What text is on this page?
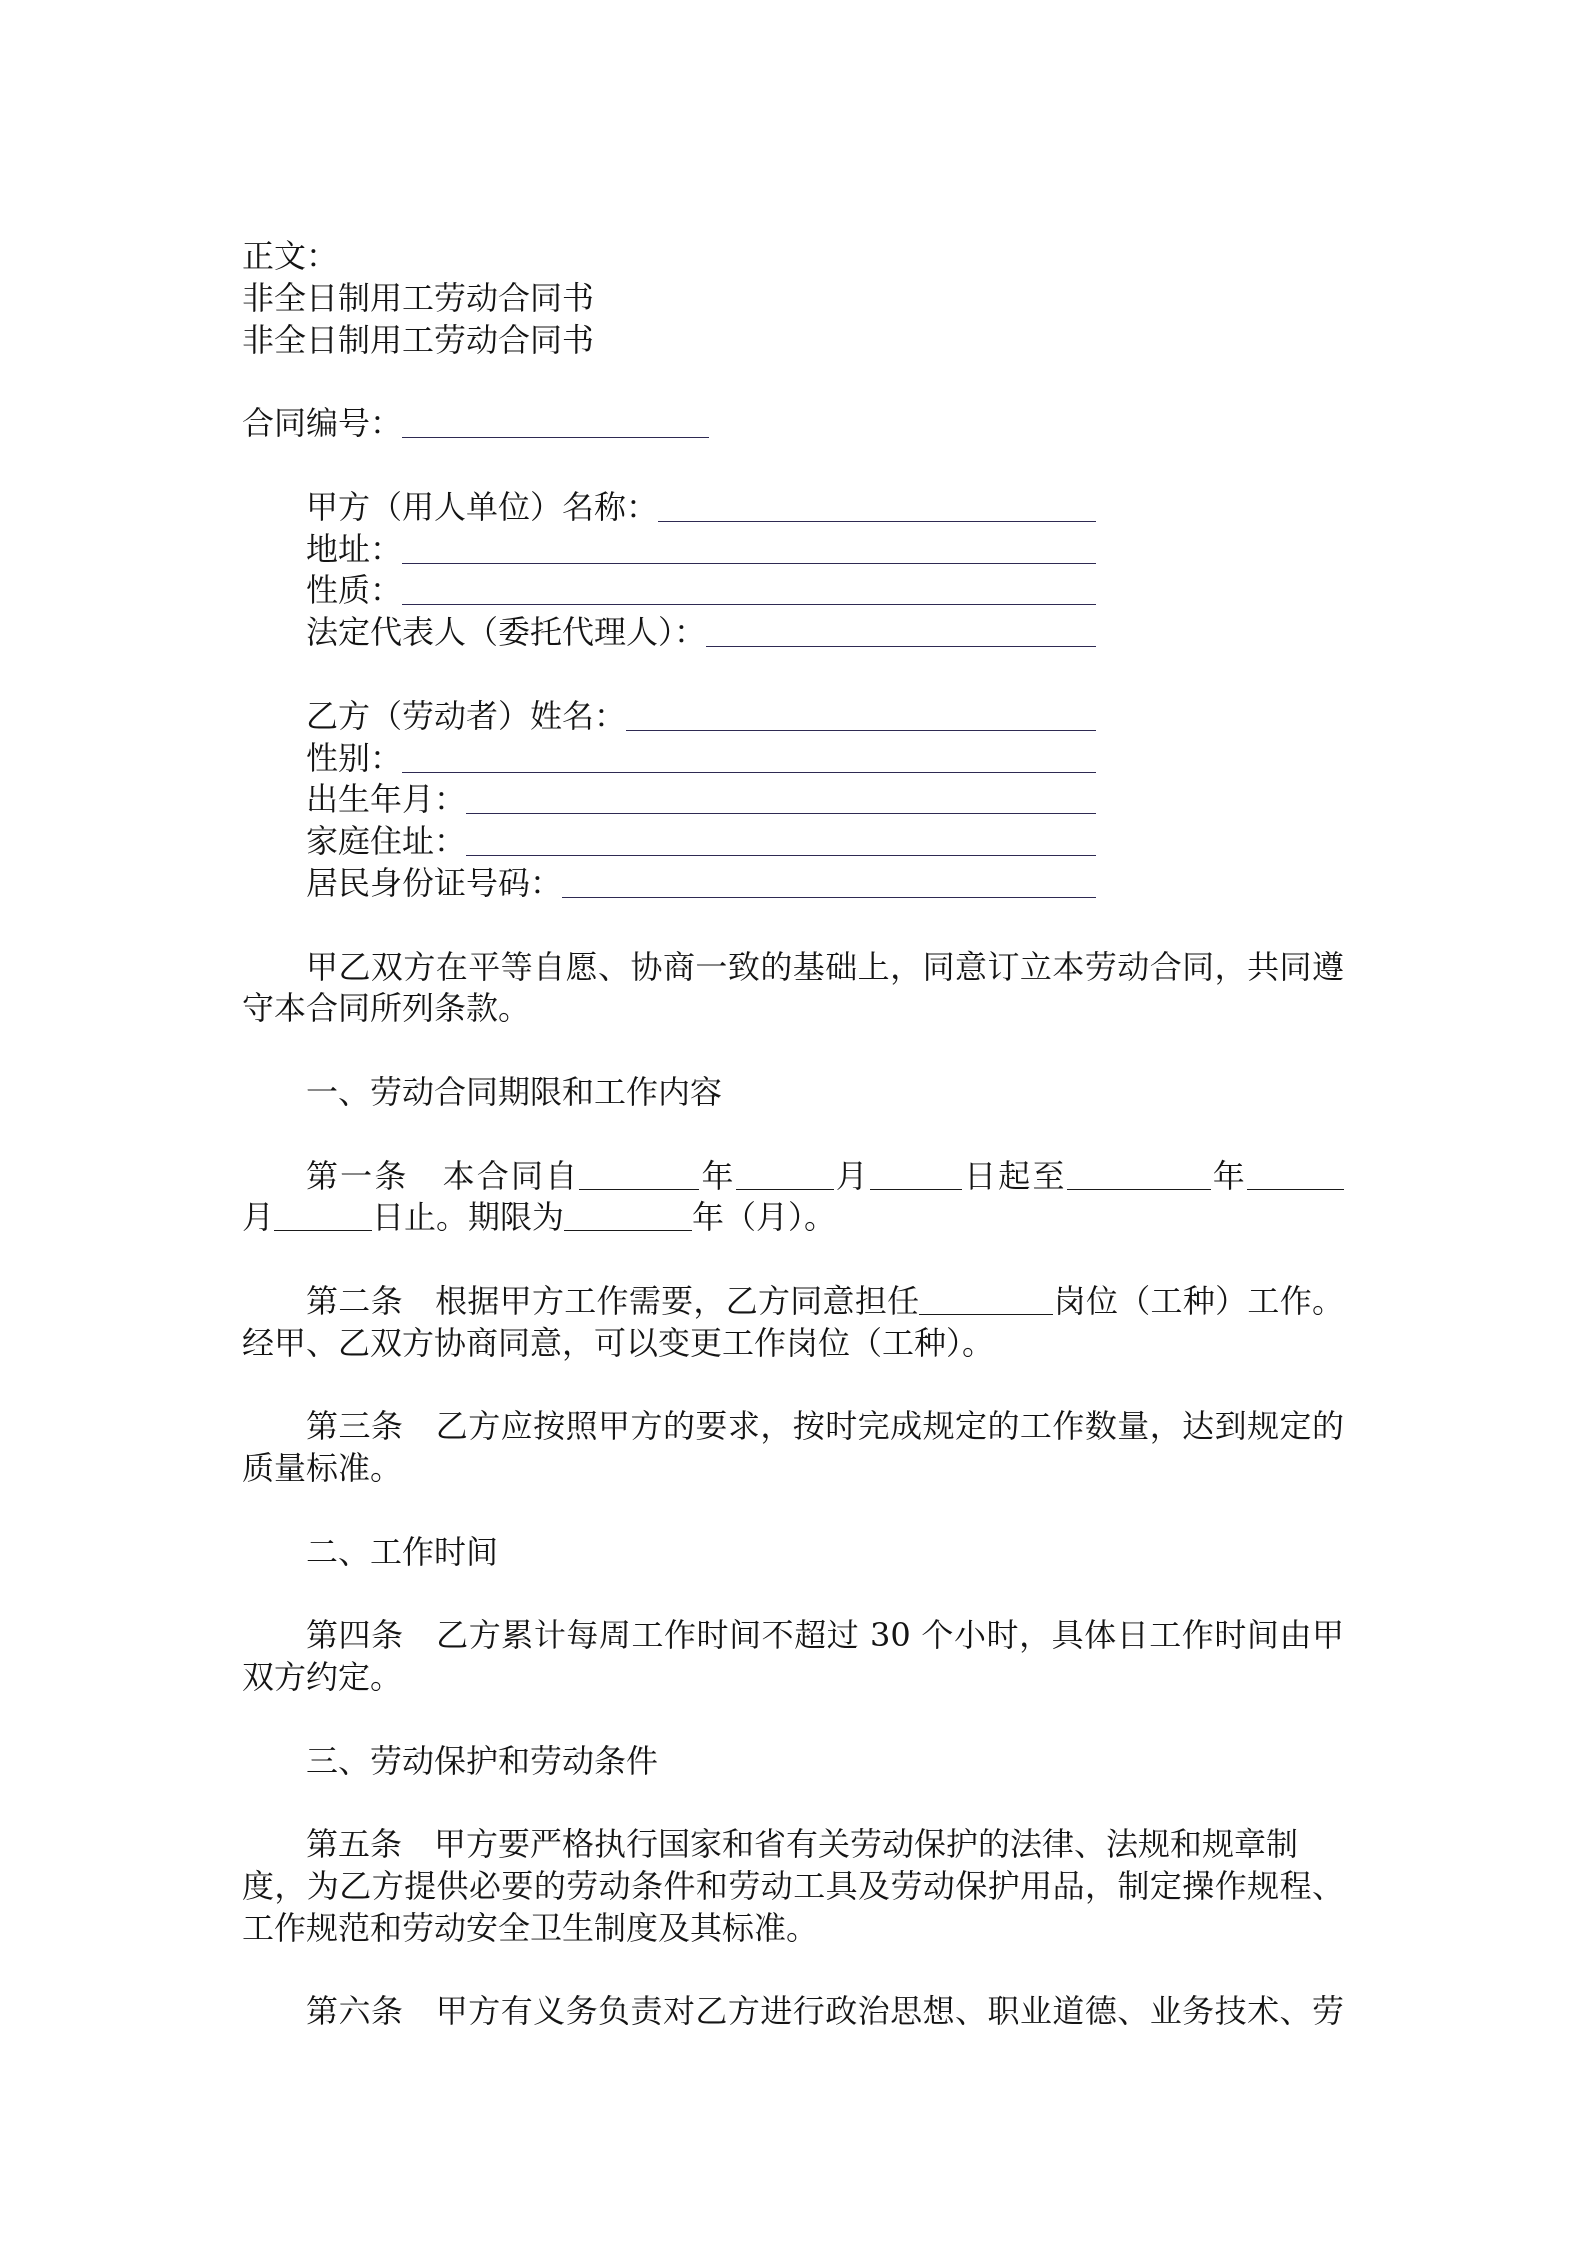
正文：
非全日制用工劳动合同书
非全日制用工劳动合同书
合同编号：
甲方（用人单位）名称：
地址：
性质：
法定代表人（委托代理人）：
乙方（劳动者）姓名：
性别：
出生年月：
家庭住址：
居民身份证号码：
甲乙双方在平等自愿、协商一致的基础上，同意订立本劳动合同，共同遵
守本合同所列条款。
一、劳动合同期限和工作内容
第一条　本合同自	年	月	日起至	年
月	日止。期限为	年（月）。
第二条　根据甲方工作需要，乙方同意担任	岗位（工种）工作。
经甲、乙双方协商同意，可以变更工作岗位（工种）。
第三条　乙方应按照甲方的要求，按时完成规定的工作数量，达到规定的
质量标准。
二、工作时间
第四条　乙方累计每周工作时间不超过 30 个小时，具体日工作时间由甲
双方约定。
三、劳动保护和劳动条件
第五条　甲方要严格执行国家和省有关劳动保护的法律、法规和规章制
度，为乙方提供必要的劳动条件和劳动工具及劳动保护用品，制定操作规程、
工作规范和劳动安全卫生制度及其标准。
第六条　甲方有义务负责对乙方进行政治思想、职业道德、业务技术、劳
